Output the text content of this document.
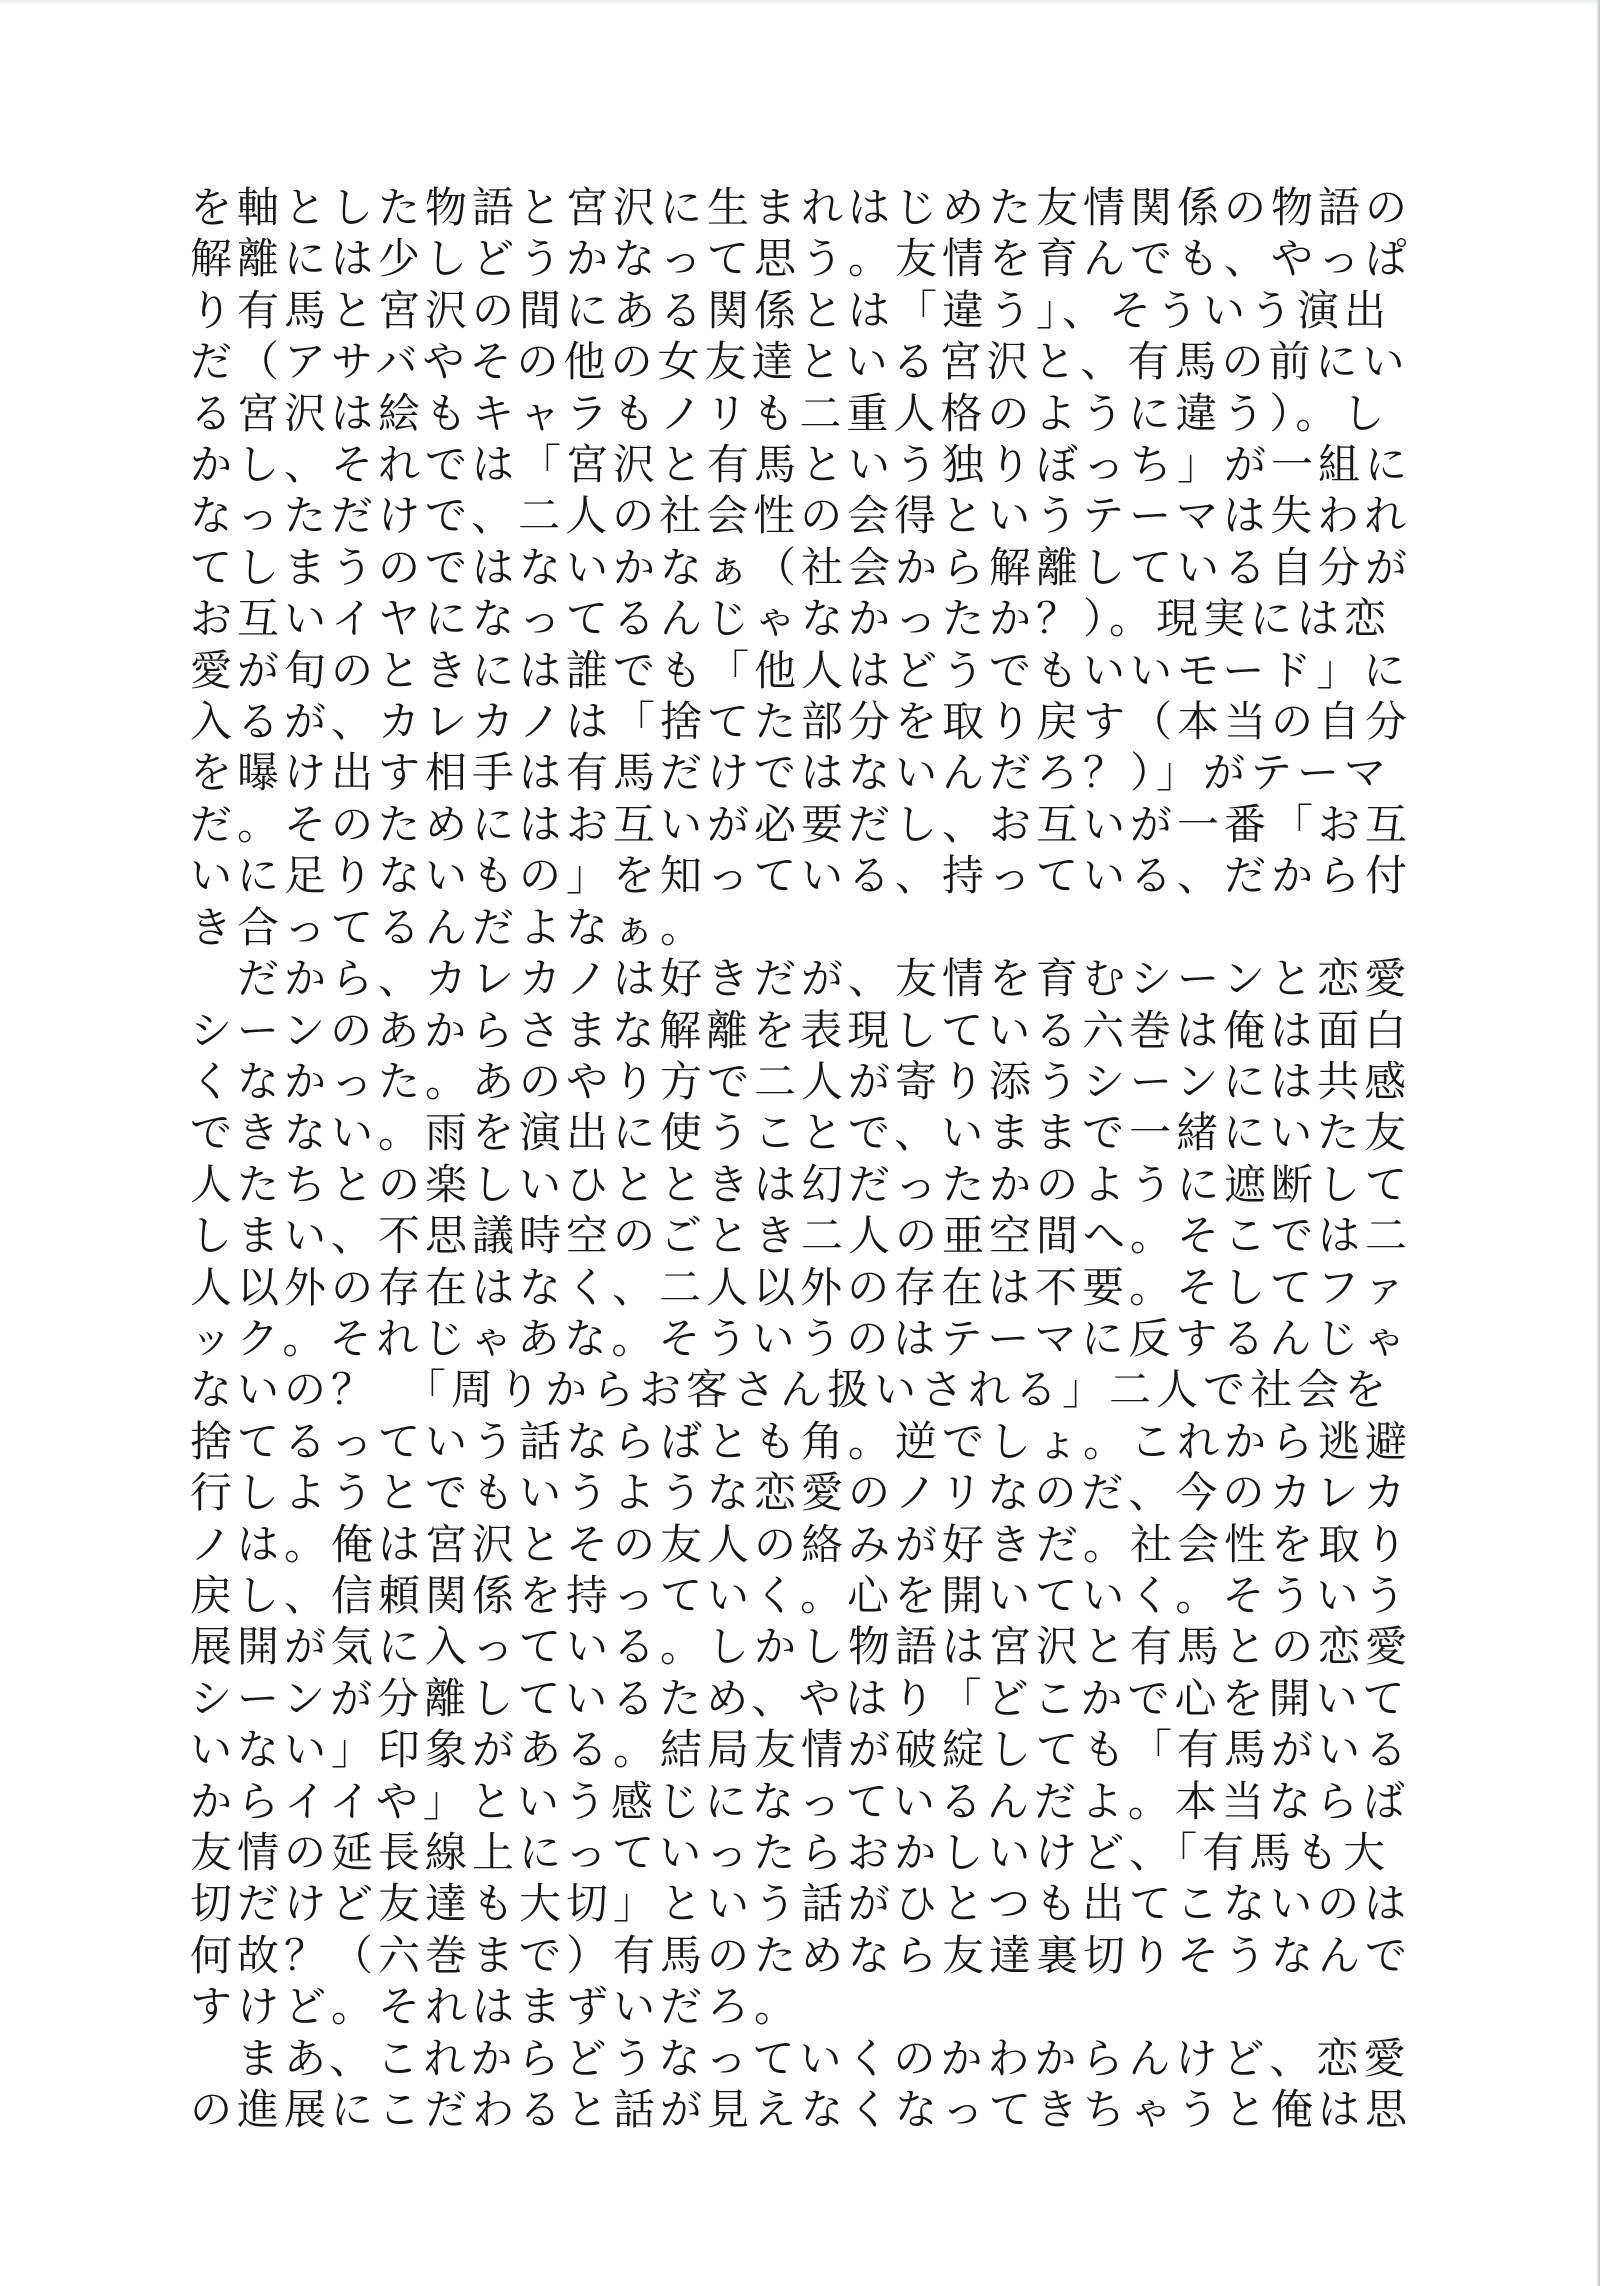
を軸とした物語と宮沢に生まれはじめた友情関係の物語の
解離には少しどうかなって思う。友情を育んでも、やっぱ
り有馬と宮沢の間にある関係とは「違う」、そういう演出
だ（アサバやその他の女友達といる宮沢と、有馬の前にい
る宮沢は絵もキャラもノリも二重人格のように違う）。し
かし、それでは「宮沢と有馬という独りぼっち」が一組に
なっただけで、二人の社会性の会得というテーマは失われ
てしまうのではないかなぁ（社会から解離している自分が
お互いイヤになってるんじゃなかったか？）。現実には恋
愛が旬のときには誰でも「他人はどうでもいいモード」に
入るが、カレカノは「捨てた部分を取り戻す（本当の自分
を曝け出す相手は有馬だけではないんだろ？）」がテーマ
だ。そのためにはお互いが必要だし、お互いが一番「お互
いに足りないもの」を知っている、持っている、だから付
き合ってるんだよなぁ。
　だから、カレカノは好きだが、友情を育むシーンと恋愛
シーンのあからさまな解離を表現している六巻は俺は面白
くなかった。あのやり方で二人が寄り添うシーンには共感
できない。雨を演出に使うことで、いままで一緒にいた友
人たちとの楽しいひとときは幻だったかのように遮断して
しまい、不思議時空のごとき二人の亜空間へ。そこでは二
人以外の存在はなく、二人以外の存在は不要。そしてファ
ック。それじゃあな。そういうのはテーマに反するんじゃ
ないの？　「周りからお客さん扱いされる」二人で社会を
捨てるっていう話ならばとも角。逆でしょ。これから逃避
行しようとでもいうような恋愛のノリなのだ、今のカレカ
ノは。俺は宮沢とその友人の絡みが好きだ。社会性を取り
戻し、信頼関係を持っていく。心を開いていく。そういう
展開が気に入っている。しかし物語は宮沢と有馬との恋愛
シーンが分離しているため、やはり「どこかで心を開いて
いない」印象がある。結局友情が破綻しても「有馬がいる
からイイや」という感じになっているんだよ。本当ならば
友情の延長線上にっていったらおかしいけど、「有馬も大
切だけど友達も大切」という話がひとつも出てこないのは
何故？（六巻まで）有馬のためなら友達裏切りそうなんで
すけど。それはまずいだろ。
　まあ、これからどうなっていくのかわからんけど、恋愛
の進展にこだわると話が見えなくなってきちゃうと俺は思
